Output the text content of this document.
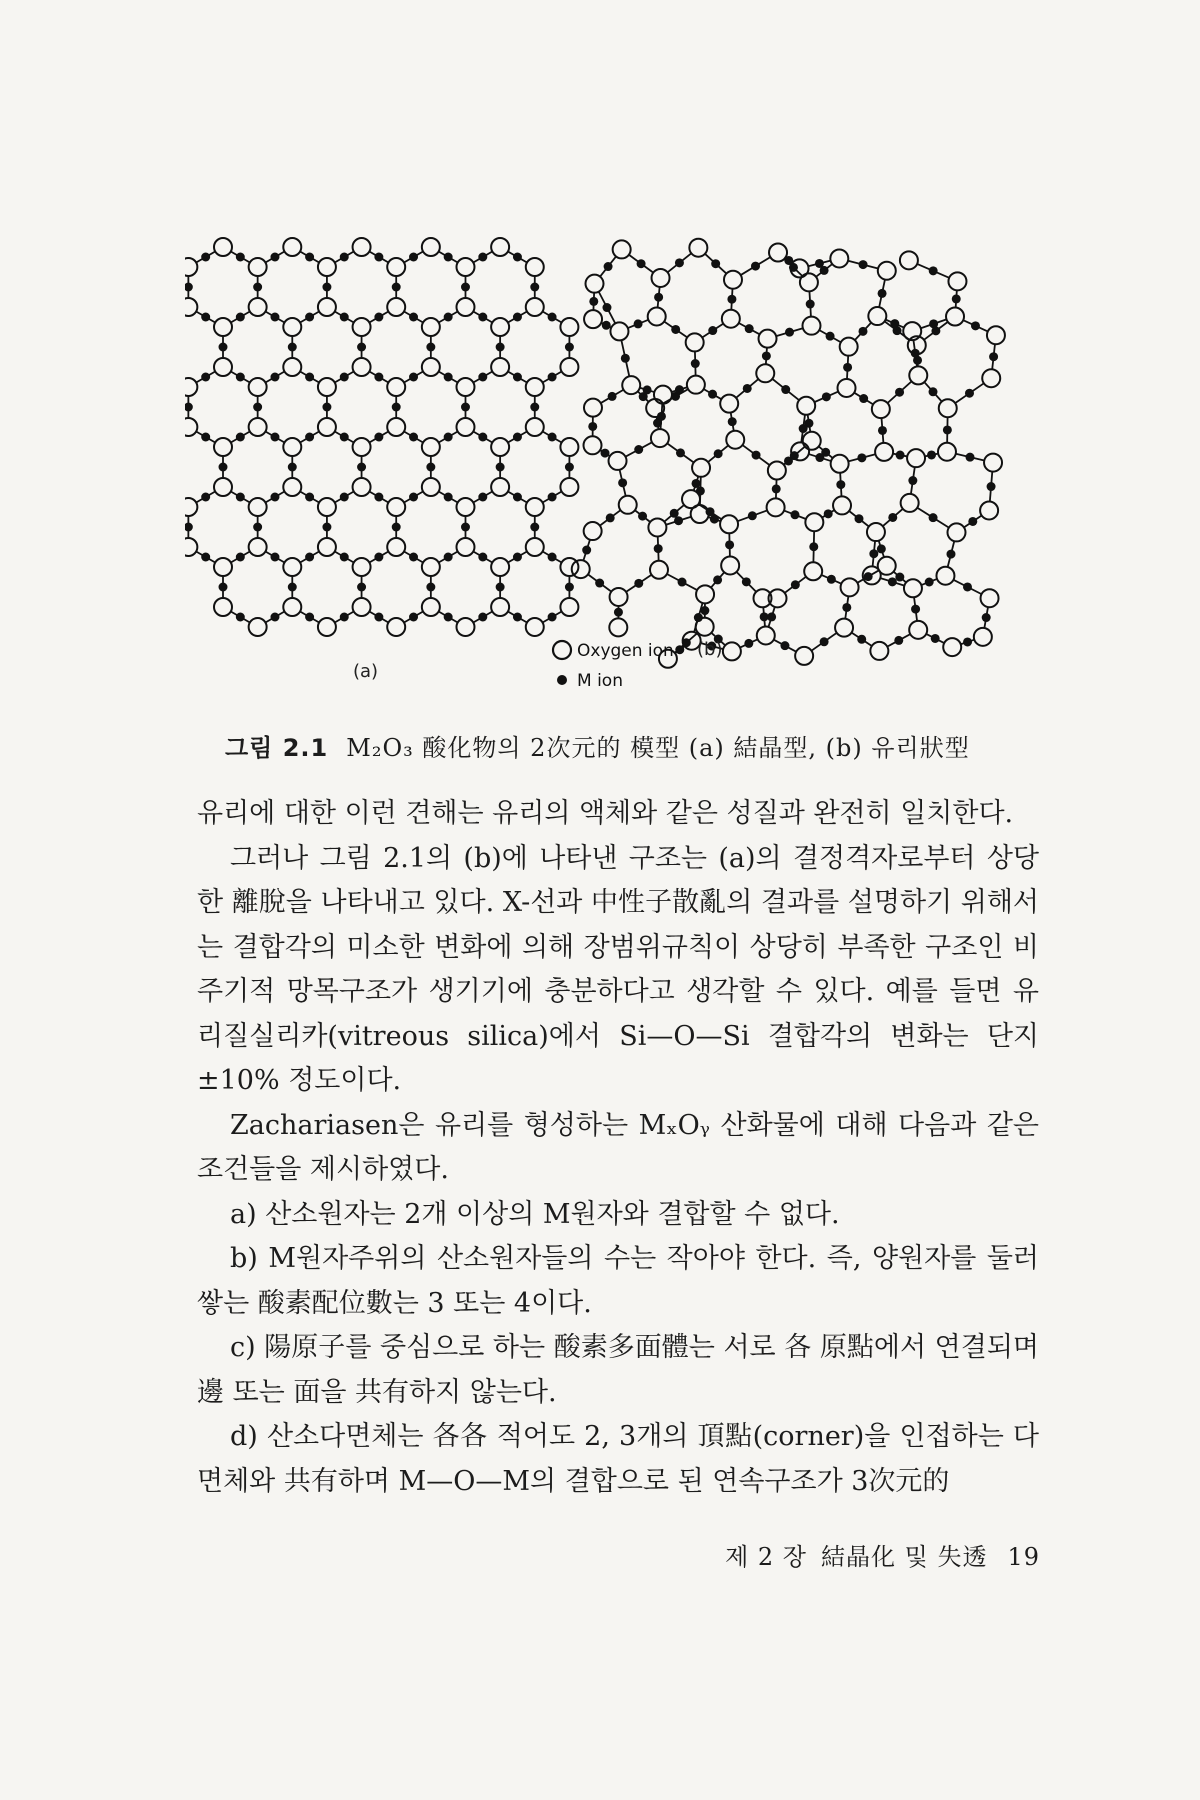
(a)
(b)
Oxygen ion
M ion
그림 2.1 M₂O₃ 酸化物의 2次元的 模型 (a) 結晶型, (b) 유리狀型

유리에 대한 이런 견해는 유리의 액체와 같은 성질과 완전히 일치한다.

그러나 그림 2.1의 (b)에 나타낸 구조는 (a)의 결정격자로부터 상당한 離脫을 나타내고 있다. X-선과 中性子散亂의 결과를 설명하기 위해서는 결합각의 미소한 변화에 의해 장범위규칙이 상당히 부족한 구조인 비주기적 망목구조가 생기기에 충분하다고 생각할 수 있다. 예를 들면 유리질실리카(vitreous silica)에서 Si—O—Si 결합각의 변화는 단지 ±10% 정도이다.

Zachariasen은 유리를 형성하는 MₓOᵧ 산화물에 대해 다음과 같은 조건들을 제시하였다.

a) 산소원자는 2개 이상의 M원자와 결합할 수 없다.

b) M원자주위의 산소원자들의 수는 작아야 한다. 즉, 양원자를 둘러쌓는 酸素配位數는 3 또는 4이다.

c) 陽原子를 중심으로 하는 酸素多面體는 서로 各 原點에서 연결되며 邊 또는 面을 共有하지 않는다.

d) 산소다면체는 各各 적어도 2, 3개의 頂點(corner)을 인접하는 다면체와 共有하며 M—O—M의 결합으로 된 연속구조가 3次元的

제 2 장 結晶化 및 失透 19
